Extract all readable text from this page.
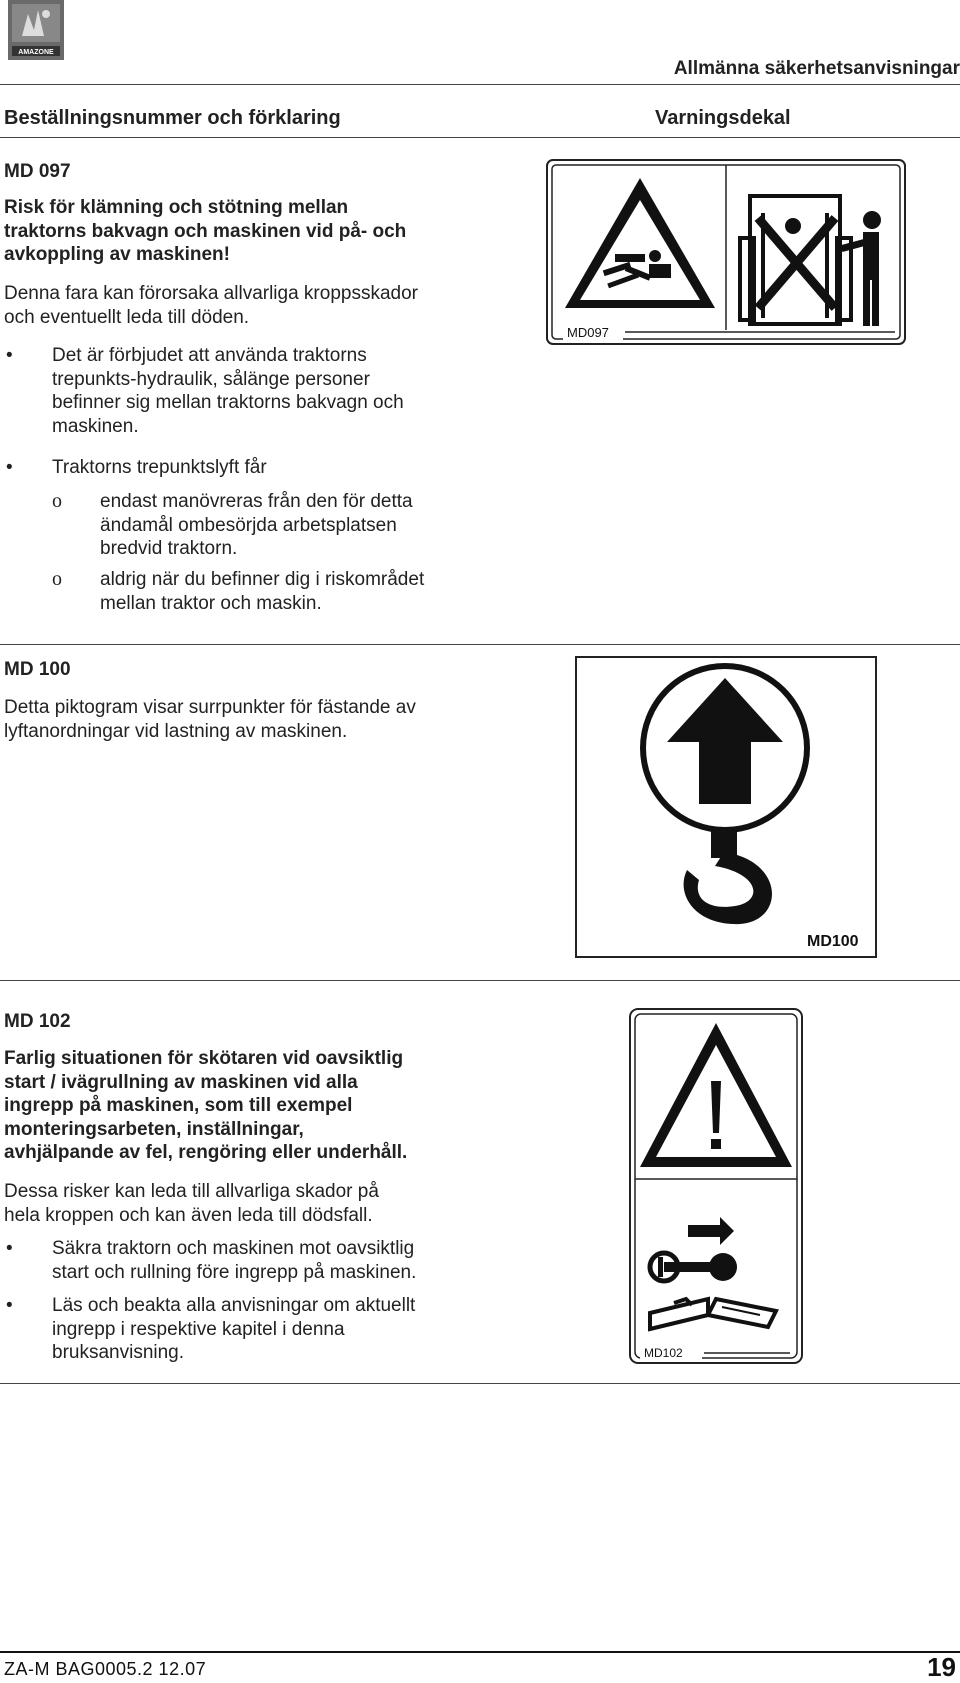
AMAZONE
Allmänna säkerhetsanvisningar
Beställningsnummer och förklaring	Varningsdekal
MD 097
Risk för klämning och stötning mellan
traktorns bakvagn och maskinen vid på- och
avkoppling av maskinen!
Denna fara kan förorsaka allvarliga kroppsskador
och eventuellt leda till döden.
• Det är förbjudet att använda traktorns
trepunkts-hydraulik, sålänge personer
befinner sig mellan traktorns bakvagn och
maskinen.
• Traktorns trepunktslyft får
o endast manövreras från den för detta
ändamål ombesörjda arbetsplatsen
bredvid traktorn.
o aldrig när du befinner dig i riskområdet
mellan traktor och maskin.
MD097
MD 100
Detta piktogram visar surrpunkter för fästande av
lyftanordningar vid lastning av maskinen.
MD100
MD 102
Farlig situationen för skötaren vid oavsiktlig
start / ivägrullning av maskinen vid alla
ingrepp på maskinen, som till exempel
monteringsarbeten, inställningar,
avhjälpande av fel, rengöring eller underhåll.
Dessa risker kan leda till allvarliga skador på
hela kroppen och kan även leda till dödsfall.
• Säkra traktorn och maskinen mot oavsiktlig
start och rullning före ingrepp på maskinen.
• Läs och beakta alla anvisningar om aktuellt
ingrepp i respektive kapitel i denna
bruksanvisning.	MD102
ZA-M BAG0005.2 12.07	19
